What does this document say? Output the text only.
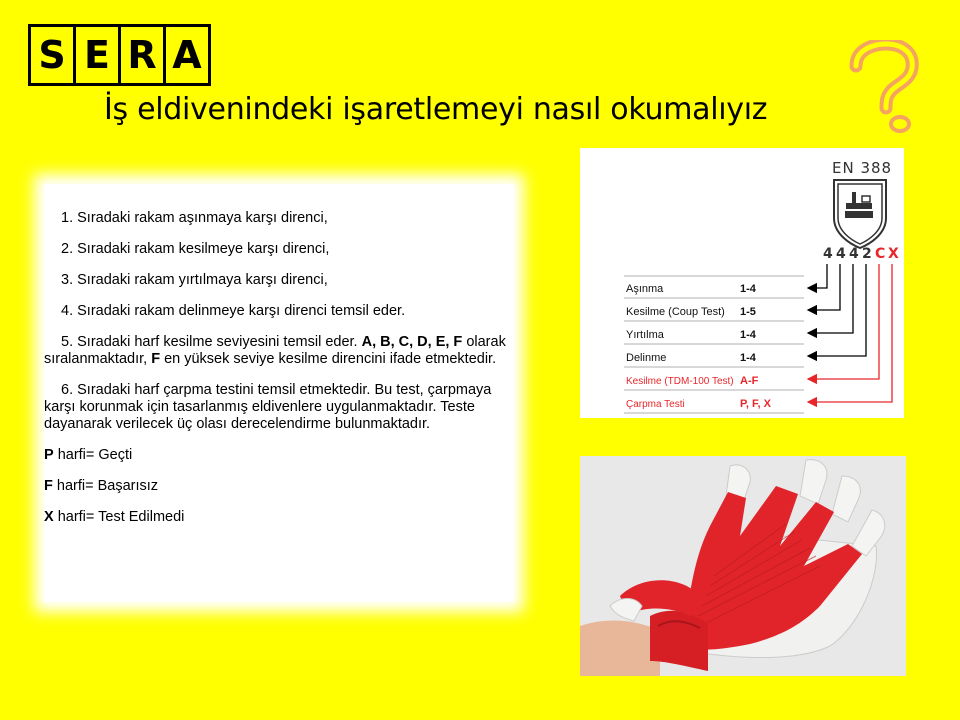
S E R A
İş eldivenindeki işaretlemeyi nasıl okumalıyız

1. Sıradaki rakam aşınmaya karşı direnci,

2. Sıradaki rakam kesilmeye karşı direnci,

3. Sıradaki rakam yırtılmaya karşı direnci,

4. Sıradaki rakam delinmeye karşı direnci temsil eder.

5. Sıradaki harf kesilme seviyesini temsil eder. A, B, C, D, E, F olarak sıralanmaktadır, F en yüksek seviye kesilme direncini ifade etmektedir.

6. Sıradaki harf çarpma testini temsil etmektedir. Bu test, çarpmaya karşı korunmak için tasarlanmış eldivenlere uygulanmaktadır. Teste dayanarak verilecek üç olası derecelendirme bulunmaktadır.

P harfi= Geçti

F harfi= Başarısız

X harfi= Test Edilmedi

EN 388
4 4 4 2 C X
Aşınma	1-4
Kesilme (Coup Test) 1-5
Yırtılma	1-4
Delinme	1-4
Kesilme (TDM-100 Test) A-F
Çarpma Testi	P, F, X
